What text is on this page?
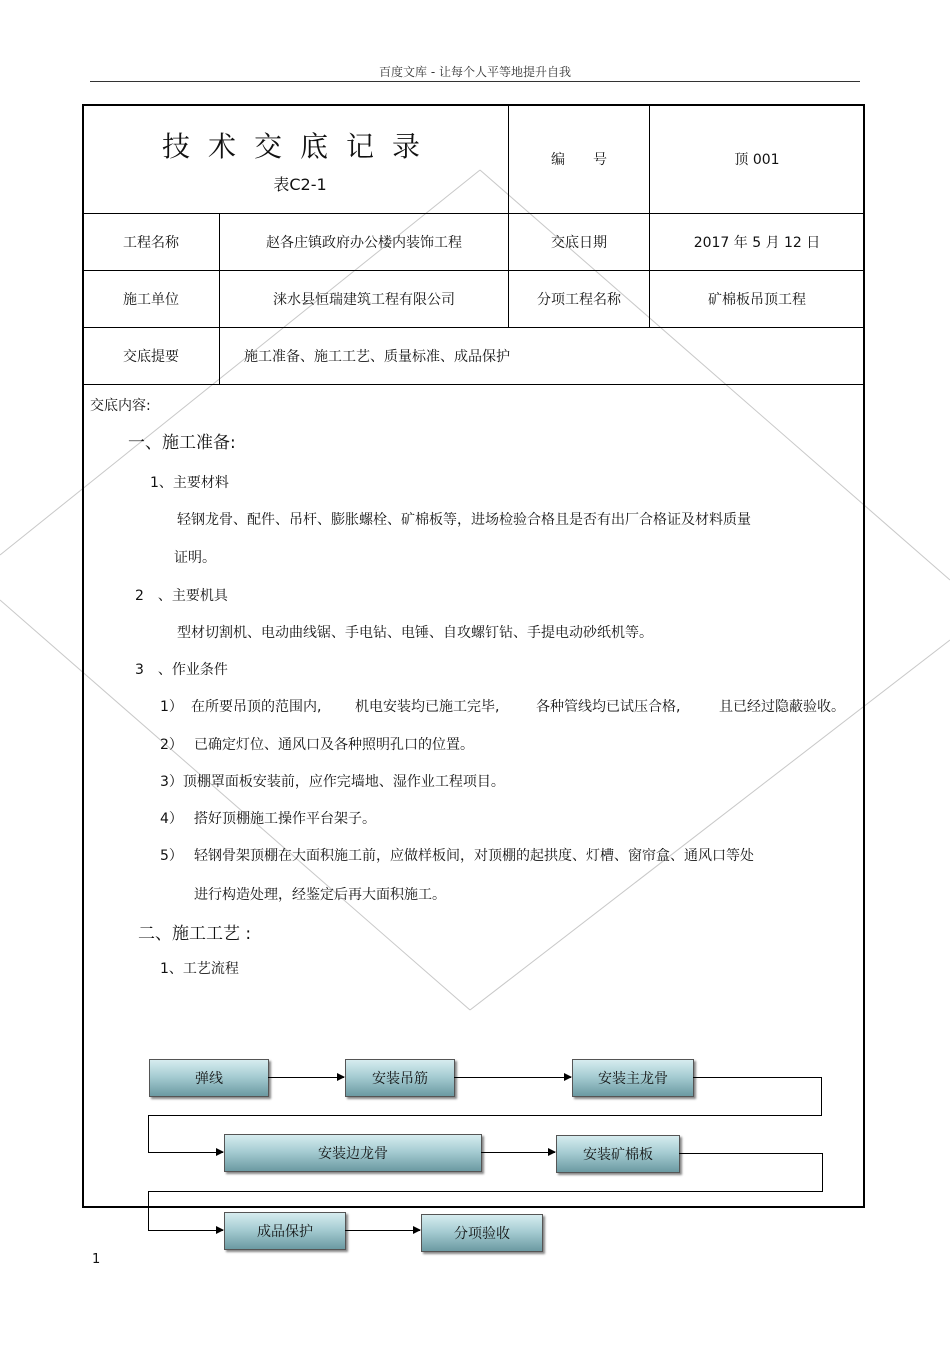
百度文库 - 让每个人平等地提升自我
技术交底记录
表C2-1
编　　号	顶 001
工程名称	赵各庄镇政府办公楼内装饰工程	交底日期	2017 年 5 月 12 日
施工单位	涞水县恒瑞建筑工程有限公司	分项工程名称	矿棉板吊顶工程
交底提要	施工准备、施工工艺、质量标准、成品保护
交底内容:
一、施工准备:
1、主要材料
轻钢龙骨、配件、吊杆、膨胀螺栓、矿棉板等，进场检验合格且是否有出厂合格证及材料质量
证明。
2　、主要机具
型材切割机、电动曲线锯、手电钻、电锤、自攻螺钉钻、手提电动砂纸机等。
3　、作业条件
1） 在所要吊顶的范围内, 机电安装均已施工完毕,	各种管线均已试压合格,	且已经过隐蔽验收。
2） 已确定灯位、通风口及各种照明孔口的位置。
3）顶棚罩面板安装前，应作完墙地、湿作业工程项目。
4） 搭好顶棚施工操作平台架子。
5） 轻钢骨架顶棚在大面积施工前，应做样板间，对顶棚的起拱度、灯槽、窗帘盒、通风口等处
进行构造处理，经鉴定后再大面积施工。
二、施工工艺 :
1、工艺流程
弹线	安装吊筋	安装主龙骨
安装边龙骨	安装矿棉板
成品保护	分项验收
1
